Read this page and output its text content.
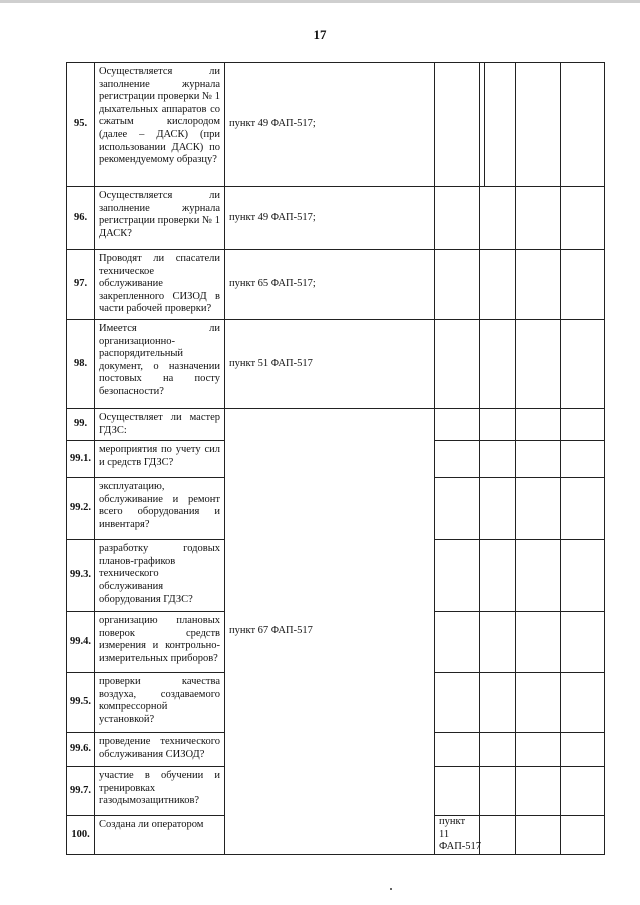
17
95.	Осуществляется ли заполнение журнала регистрации проверки № 1 дыхательных аппаратов со сжатым кислородом (далее – ДАСК) (при использовании ДАСК) по рекомендуемому образцу?	пункт 49 ФАП-517;					
96.	Осуществляется ли заполнение журнала регистрации проверки № 1 ДАСК?	пункт 49 ФАП-517;					
97.	Проводят ли спасатели техническое обслуживание закрепленного СИЗОД в части рабочей проверки?	пункт 65 ФАП-517;					
98.	Имеется ли организационно-распорядительный документ, о назначении постовых на посту безопасности?	пункт 51 ФАП-517					
99.	Осуществляет ли мастер ГДЗС:	пункт 67 ФАП-517					
99.1.	мероприятия по учету сил и средств ГДЗС?						

99.2.	эксплуатацию, обслуживание и ремонт всего оборудования и инвентаря?						

99.3.	разработку годовых планов-графиков технического обслуживания оборудования ГДЗС?						

99.4.	организацию плановых поверок средств измерения и контрольно-измерительных приборов?						

99.5.	проверки качества воздуха, создаваемого компрессорной установкой?						

99.6.	проведение технического обслуживания СИЗОД?						

99.7.	участие в обучении и тренировках газодымозащитников?						

100.	Создана ли оператором		пункт 11 ФАП-517				
